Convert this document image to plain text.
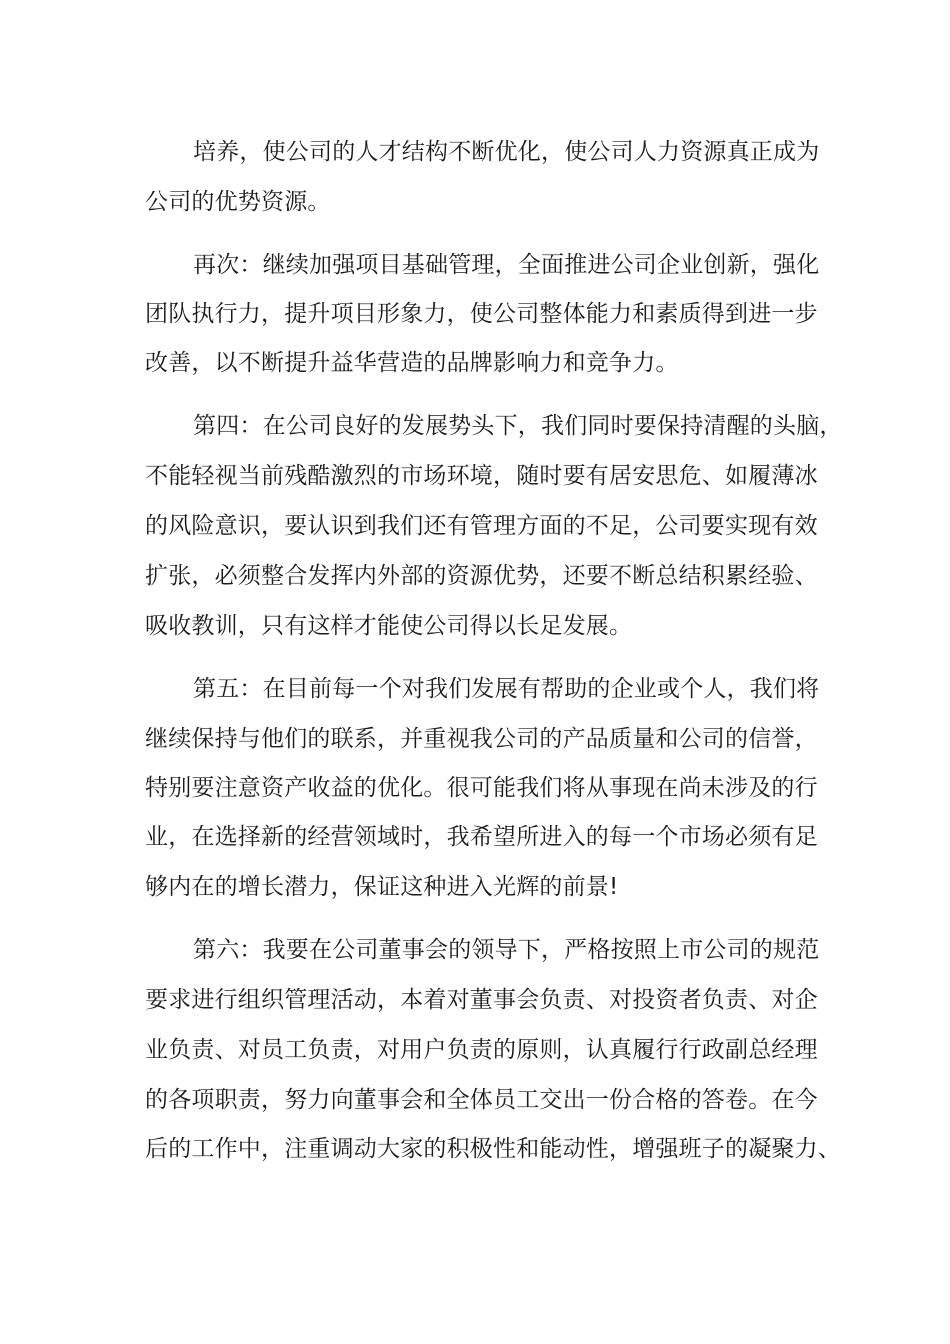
培养，使公司的人才结构不断优化，使公司人力资源真正成为
公司的优势资源。
再次：继续加强项目基础管理，全面推进公司企业创新，强化
团队执行力，提升项目形象力，使公司整体能力和素质得到进一步
改善，以不断提升益华营造的品牌影响力和竞争力。
第四：在公司良好的发展势头下，我们同时要保持清醒的头脑，
不能轻视当前残酷激烈的市场环境，随时要有居安思危、如履薄冰
的风险意识，要认识到我们还有管理方面的不足，公司要实现有效
扩张，必须整合发挥内外部的资源优势，还要不断总结积累经验、
吸收教训，只有这样才能使公司得以长足发展。
第五：在目前每一个对我们发展有帮助的企业或个人，我们将
继续保持与他们的联系，并重视我公司的产品质量和公司的信誉，
特别要注意资产收益的优化。很可能我们将从事现在尚未涉及的行
业，在选择新的经营领域时，我希望所进入的每一个市场必须有足
够内在的增长潜力，保证这种进入光辉的前景!
第六：我要在公司董事会的领导下，严格按照上市公司的规范
要求进行组织管理活动，本着对董事会负责、对投资者负责、对企
业负责、对员工负责，对用户负责的原则，认真履行行政副总经理
的各项职责，努力向董事会和全体员工交出一份合格的答卷。在今
后的工作中，注重调动大家的积极性和能动性，增强班子的凝聚力、
